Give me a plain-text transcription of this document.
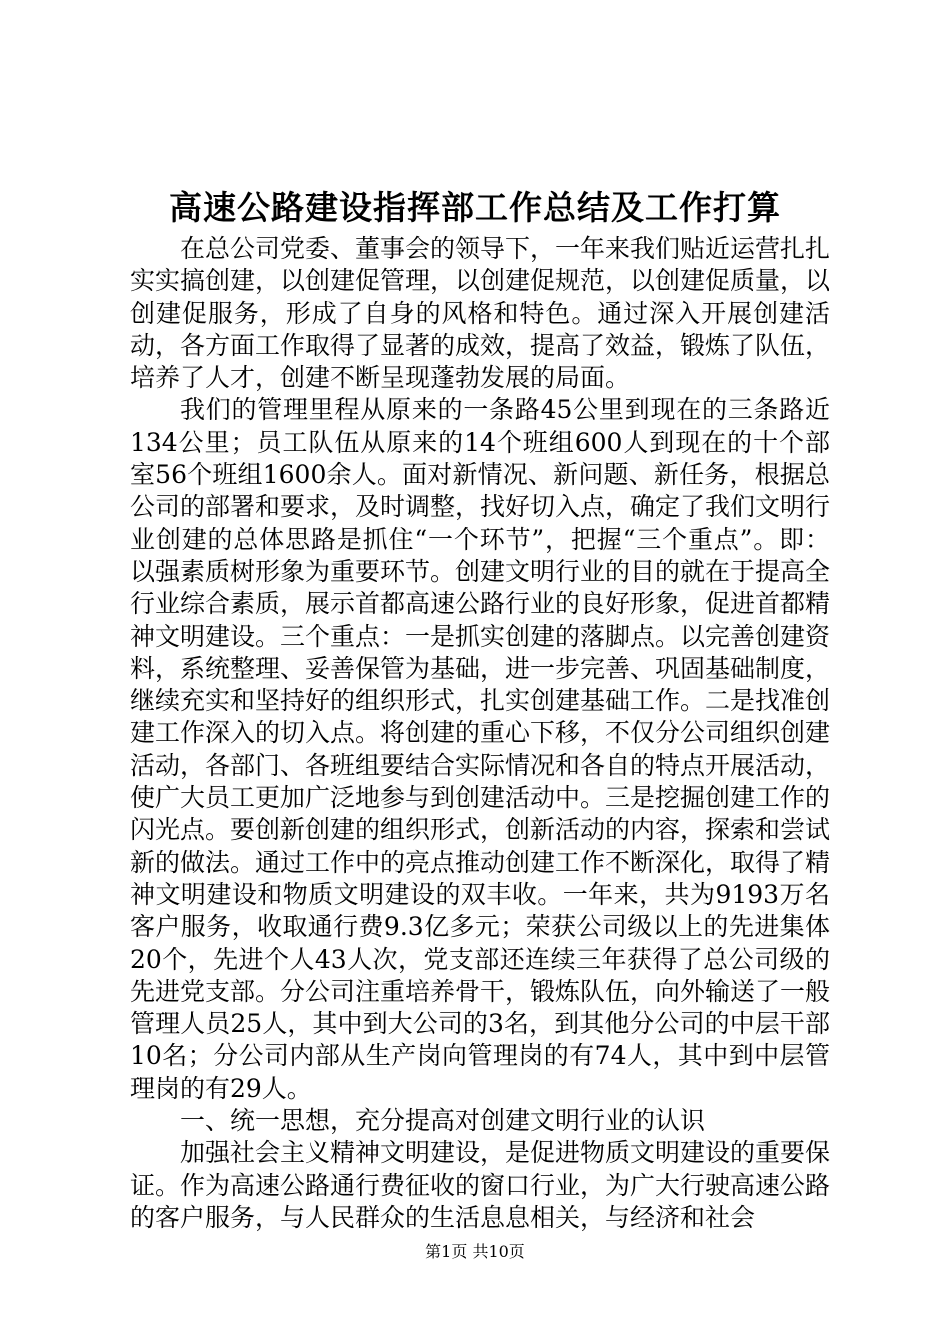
高速公路建设指挥部工作总结及工作打算

在总公司党委、董事会的领导下，一年来我们贴近运营扎扎实实搞创建，以创建促管理，以创建促规范，以创建促质量，以创建促服务，形成了自身的风格和特色。通过深入开展创建活动，各方面工作取得了显著的成效，提高了效益，锻炼了队伍，培养了人才，创建不断呈现蓬勃发展的局面。

我们的管理里程从原来的一条路45公里到现在的三条路近134公里；员工队伍从原来的14个班组600人到现在的十个部室56个班组1600余人。面对新情况、新问题、新任务，根据总公司的部署和要求，及时调整，找好切入点，确定了我们文明行业创建的总体思路是抓住“一个环节”，把握“三个重点”。即：以强素质树形象为重要环节。创建文明行业的目的就在于提高全行业综合素质，展示首都高速公路行业的良好形象，促进首都精神文明建设。三个重点：一是抓实创建的落脚点。以完善创建资料，系统整理、妥善保管为基础，进一步完善、巩固基础制度，继续充实和坚持好的组织形式，扎实创建基础工作。二是找准创建工作深入的切入点。将创建的重心下移，不仅分公司组织创建活动，各部门、各班组要结合实际情况和各自的特点开展活动，使广大员工更加广泛地参与到创建活动中。三是挖掘创建工作的闪光点。要创新创建的组织形式，创新活动的内容，探索和尝试新的做法。通过工作中的亮点推动创建工作不断深化，取得了精神文明建设和物质文明建设的双丰收。一年来，共为9193万名客户服务，收取通行费9.3亿多元；荣获公司级以上的先进集体20个，先进个人43人次，党支部还连续三年获得了总公司级的先进党支部。分公司注重培养骨干，锻炼队伍，向外输送了一般管理人员25人，其中到大公司的3名，到其他分公司的中层干部10名；分公司内部从生产岗向管理岗的有74人，其中到中层管理岗的有29人。

一、统一思想，充分提高对创建文明行业的认识

加强社会主义精神文明建设，是促进物质文明建设的重要保证。作为高速公路通行费征收的窗口行业，为广大行驶高速公路的客户服务，与人民群众的生活息息相关，与经济和社会

第1页 共10页
